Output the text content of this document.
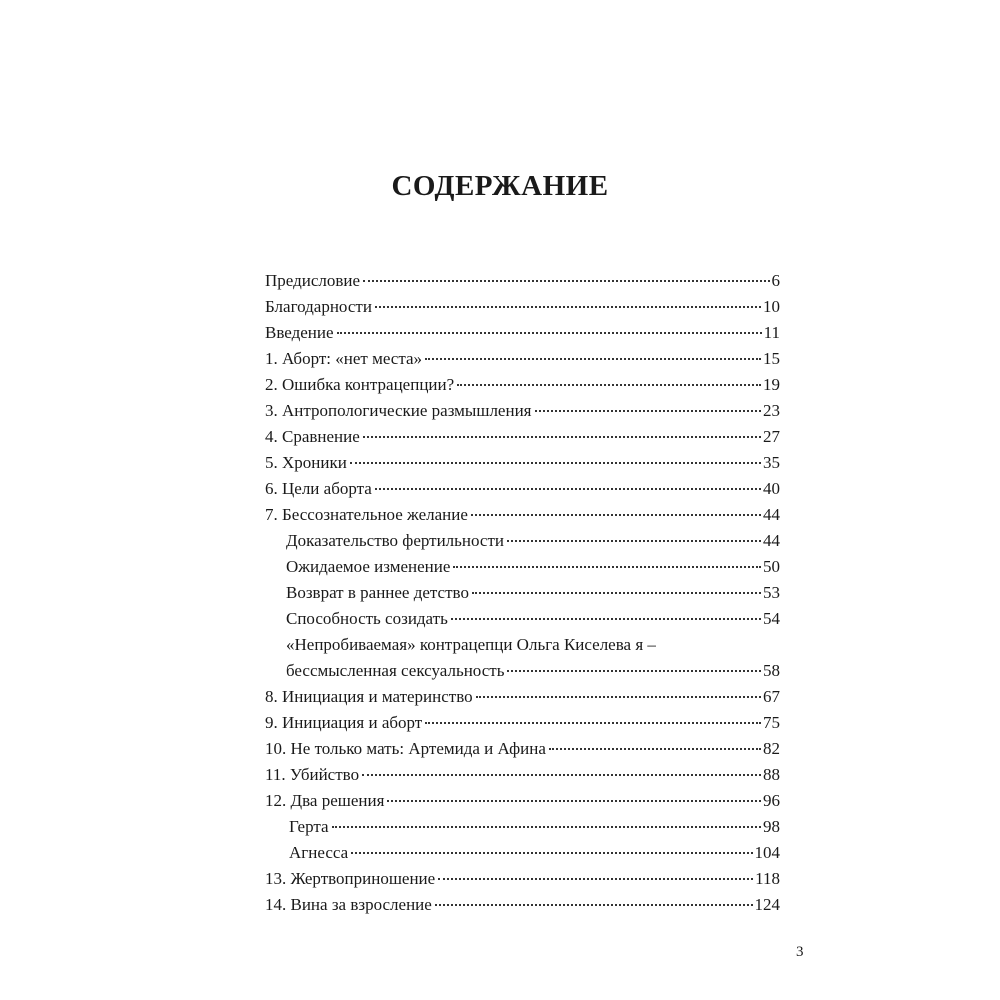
СОДЕРЖАНИЕ
Предисловие	6
Благодарности	10
Введение	11
1. Аборт: «нет места»	15
2. Ошибка контрацепции?	19
3. Антропологические размышления	23
4. Сравнение	27
5. Хроники	35
6. Цели аборта	40
7. Бессознательное желание	44
Доказательство фертильности	44
Ожидаемое изменение	50
Возврат в раннее детство	53
Способность созидать	54
«Непробиваемая» контрацепци Ольга Киселева я –
бессмысленная сексуальность	58
8. Инициация и материнство	67
9. Инициация и аборт	75
10. Не только мать: Артемида и Афина	82
11. Убийство	88
12. Два решения	96
Герта	98
Агнесса	104
13. Жертвоприношение	118
14. Вина за взросление	124

3
